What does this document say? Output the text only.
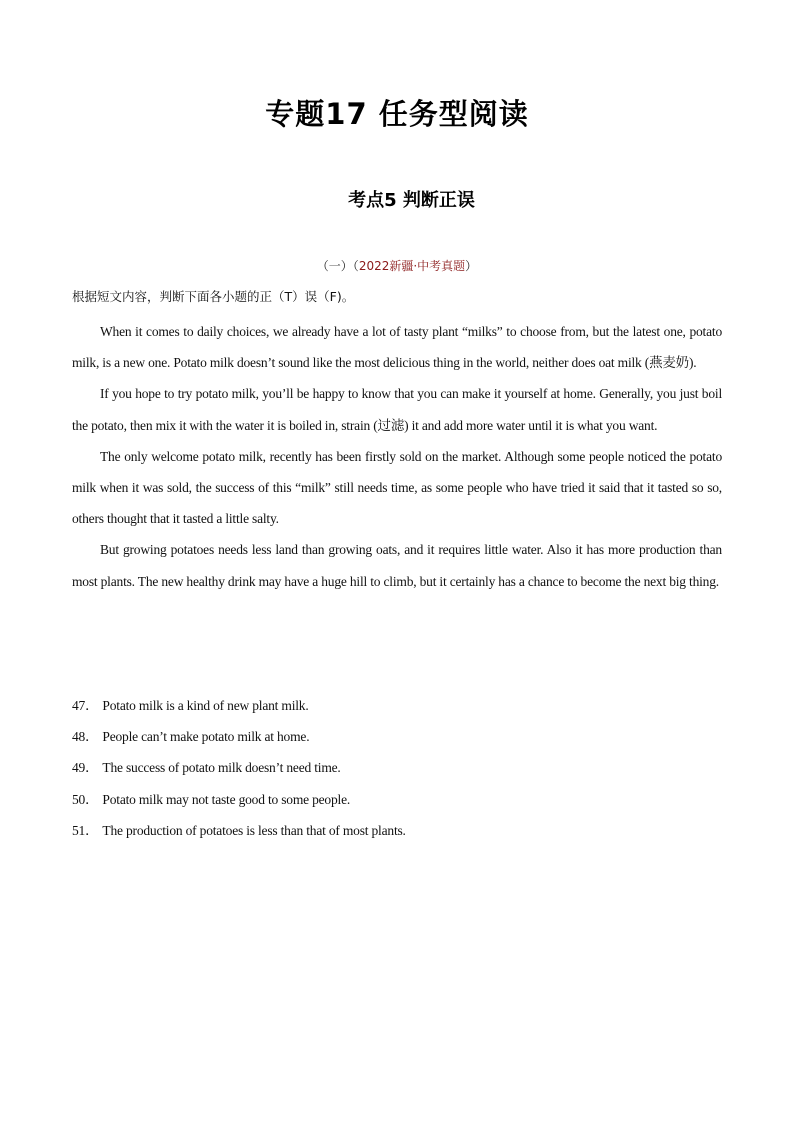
专题17 任务型阅读
考点5 判断正误
（一）（2022新疆·中考真题）
根据短文内容，判断下面各小题的正（T）误（F)。

When it comes to daily choices, we already have a lot of tasty plant “milks” to choose from, but the latest one, potato milk, is a new one. Potato milk doesn’t sound like the most delicious thing in the world, neither does oat milk (燕麦奶).

If you hope to try potato milk, you’ll be happy to know that you can make it yourself at home. Generally, you just boil the potato, then mix it with the water it is boiled in, strain (过滤) it and add more water until it is what you want.

The only welcome potato milk, recently has been firstly sold on the market. Although some people noticed the potato milk when it was sold, the success of this “milk” still needs time, as some people who have tried it said that it tasted so so, others thought that it tasted a little salty.

But growing potatoes needs less land than growing oats, and it requires little water. Also it has more production than most plants. The new healthy drink may have a huge hill to climb, but it certainly has a chance to become the next big thing.

47． Potato milk is a kind of new plant milk.
48． People can’t make potato milk at home.
49． The success of potato milk doesn’t need time.
50． Potato milk may not taste good to some people.
51． The production of potatoes is less than that of most plants.
